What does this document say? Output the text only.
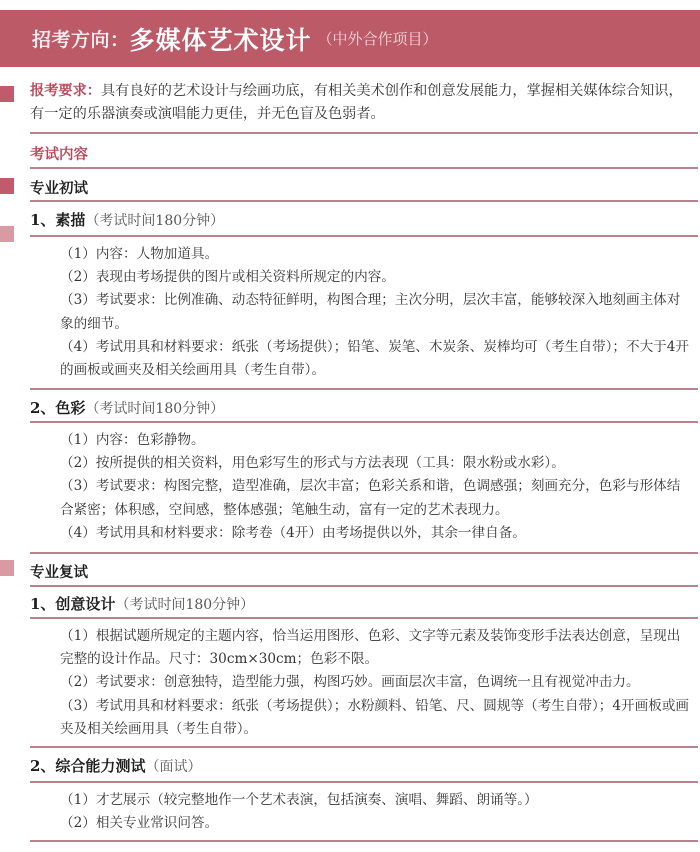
招考方向： 多媒体艺术设计 （中外合作项目）
报考要求：具有良好的艺术设计与绘画功底，有相关美术创作和创意发展能力，掌握相关媒体综合知识，有一定的乐器演奏或演唱能力更佳，并无色盲及色弱者。
考试内容
专业初试
1、素描（考试时间180分钟）

（1）内容：人物加道具。

（2）表现由考场提供的图片或相关资料所规定的内容。

（3）考试要求：比例准确、动态特征鲜明，构图合理；主次分明，层次丰富，能够较深入地刻画主体对象的细节。

（4）考试用具和材料要求：纸张（考场提供）；铅笔、炭笔、木炭条、炭棒均可（考生自带）；不大于4开的画板或画夹及相关绘画用具（考生自带）。

2、色彩（考试时间180分钟）

（1）内容：色彩静物。

（2）按所提供的相关资料，用色彩写生的形式与方法表现（工具：限水粉或水彩）。

（3）考试要求：构图完整，造型准确，层次丰富；色彩关系和谐，色调感强；刻画充分，色彩与形体结合紧密；体积感，空间感，整体感强；笔触生动，富有一定的艺术表现力。

（4）考试用具和材料要求：除考卷（4开）由考场提供以外，其余一律自备。

专业复试
1、创意设计（考试时间180分钟）

（1）根据试题所规定的主题内容，恰当运用图形、色彩、文字等元素及装饰变形手法表达创意，呈现出完整的设计作品。尺寸：30cm×30cm；色彩不限。

（2）考试要求：创意独特，造型能力强，构图巧妙。画面层次丰富，色调统一且有视觉冲击力。

（3）考试用具和材料要求：纸张（考场提供）；水粉颜料、铅笔、尺、圆规等（考生自带）；4开画板或画夹及相关绘画用具（考生自带）。

2、综合能力测试（面试）

（1）才艺展示（较完整地作一个艺术表演，包括演奏、演唱、舞蹈、朗诵等。）

（2）相关专业常识问答。
